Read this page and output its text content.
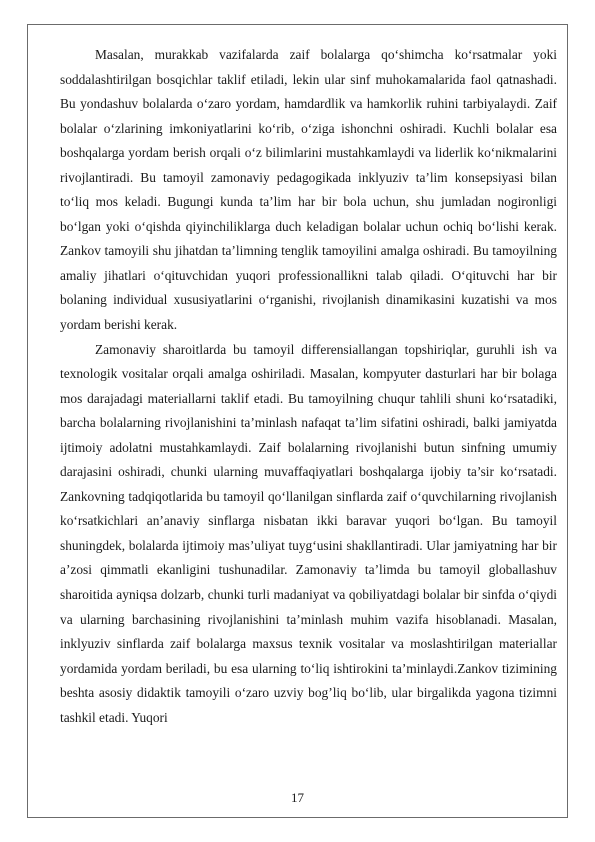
Masalan, murakkab vazifalarda zaif bolalarga qo‘shimcha ko‘rsatmalar yoki soddalashtirilgan bosqichlar taklif etiladi, lekin ular sinf muhokamalarida faol qatnashadi. Bu yondashuv bolalarda o‘zaro yordam, hamdardlik va hamkorlik ruhini tarbiyalaydi. Zaif bolalar o‘zlarining imkoniyatlarini ko‘rib, o‘ziga ishonchni oshiradi. Kuchli bolalar esa boshqalarga yordam berish orqali o‘z bilimlarini mustahkamlaydi va liderlik ko‘nikmalarini rivojlantiradi. Bu tamoyil zamonaviy pedagogikada inklyuziv ta’lim konsepsiyasi bilan to‘liq mos keladi. Bugungi kunda ta’lim har bir bola uchun, shu jumladan nogironligi bo‘lgan yoki o‘qishda qiyinchiliklarga duch keladigan bolalar uchun ochiq bo‘lishi kerak. Zankov tamoyili shu jihatdan ta’limning tenglik tamoyilini amalga oshiradi. Bu tamoyilning amaliy jihatlari o‘qituvchidan yuqori professionallikni talab qiladi. O‘qituvchi har bir bolaning individual xususiyatlarini o‘rganishi, rivojlanish dinamikasini kuzatishi va mos yordam berishi kerak.

Zamonaviy sharoitlarda bu tamoyil differensiallangan topshiriqlar, guruhli ish va texnologik vositalar orqali amalga oshiriladi. Masalan, kompyuter dasturlari har bir bolaga mos darajadagi materiallarni taklif etadi. Bu tamoyilning chuqur tahlili shuni ko‘rsatadiki, barcha bolalarning rivojlanishini ta’minlash nafaqat ta’lim sifatini oshiradi, balki jamiyatda ijtimoiy adolatni mustahkamlaydi. Zaif bolalarning rivojlanishi butun sinfning umumiy darajasini oshiradi, chunki ularning muvaffaqiyatlari boshqalarga ijobiy ta’sir ko‘rsatadi. Zankovning tadqiqotlarida bu tamoyil qo‘llanilgan sinflarda zaif o‘quvchilarning rivojlanish ko‘rsatkichlari an’anaviy sinflarga nisbatan ikki baravar yuqori bo‘lgan. Bu tamoyil shuningdek, bolalarda ijtimoiy mas’uliyat tuyg‘usini shakllantiradi. Ular jamiyatning har bir a’zosi qimmatli ekanligini tushunadilar. Zamonaviy ta’limda bu tamoyil globallashuv sharoitida ayniqsa dolzarb, chunki turli madaniyat va qobiliyatdagi bolalar bir sinfda o‘qiydi va ularning barchasining rivojlanishini ta’minlash muhim vazifa hisoblanadi. Masalan, inklyuziv sinflarda zaif bolalarga maxsus texnik vositalar va moslashtirilgan materiallar yordamida yordam beriladi, bu esa ularning to‘liq ishtirokini ta’minlaydi.Zankov tizimining beshta asosiy didaktik tamoyili o‘zaro uzviy bog’liq bo‘lib, ular birgalikda yagona tizimni tashkil etadi. Yuqori

17
